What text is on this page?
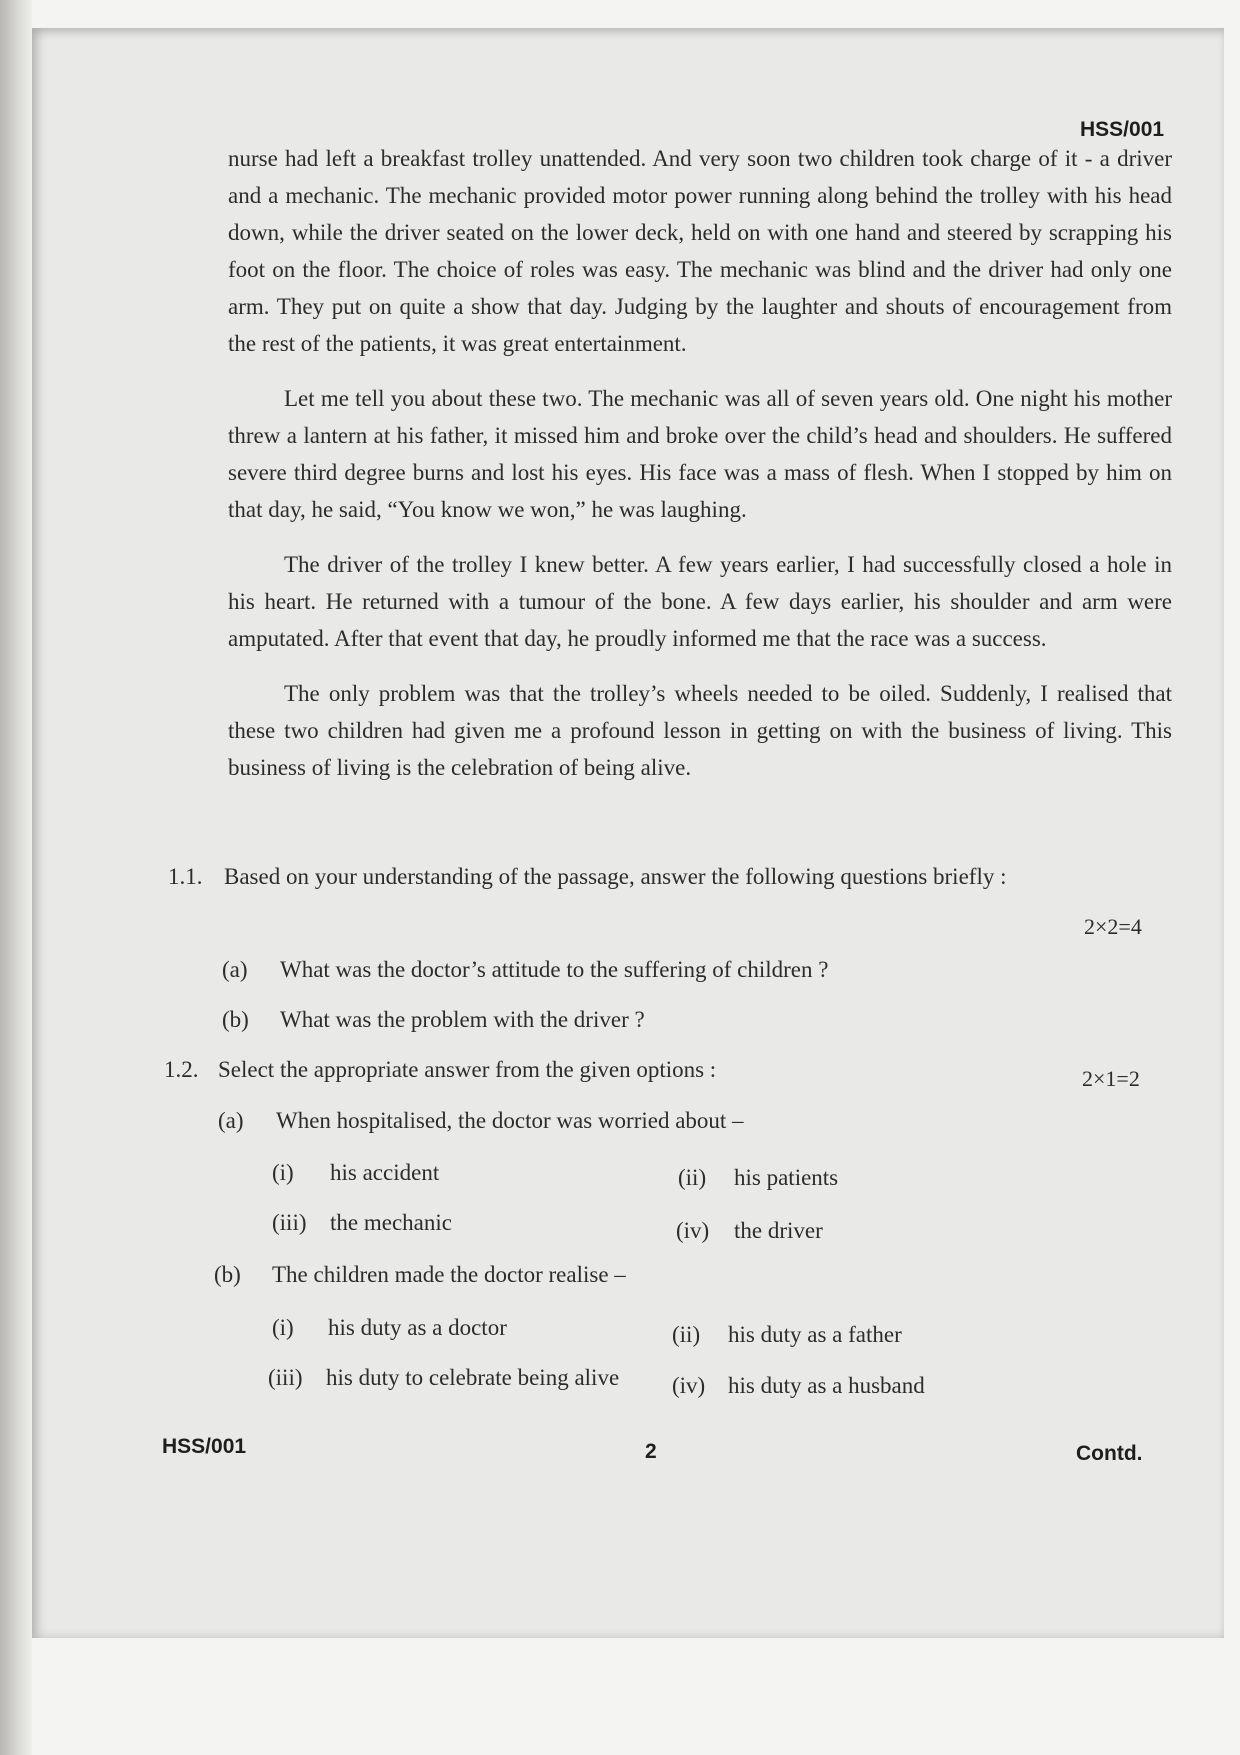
HSS/001

nurse had left a breakfast trolley unattended. And very soon two children took charge of it - a driver and a mechanic. The mechanic provided motor power running along behind the trolley with his head down, while the driver seated on the lower deck, held on with one hand and steered by scrapping his foot on the floor. The choice of roles was easy. The mechanic was blind and the driver had only one arm. They put on quite a show that day. Judging by the laughter and shouts of encouragement from the rest of the patients, it was great entertainment.

Let me tell you about these two. The mechanic was all of seven years old. One night his mother threw a lantern at his father, it missed him and broke over the child’s head and shoulders. He suffered severe third degree burns and lost his eyes. His face was a mass of flesh. When I stopped by him on that day, he said, “You know we won,” he was laughing.

The driver of the trolley I knew better. A few years earlier, I had successfully closed a hole in his heart. He returned with a tumour of the bone. A few days earlier, his shoulder and arm were amputated. After that event that day, he proudly informed me that the race was a success.

The only problem was that the trolley’s wheels needed to be oiled. Suddenly, I realised that these two children had given me a profound lesson in getting on with the business of living. This business of living is the celebration of being alive.

1.1. Based on your understanding of the passage, answer the following questions briefly :
2×2=4
(a) What was the doctor’s attitude to the suffering of children ?
(b) What was the problem with the driver ?
1.2. Select the appropriate answer from the given options :	2×1=2
(a) When hospitalised, the doctor was worried about –
(i) his accident	(ii) his patients
(iii) the mechanic	(iv) the driver
(b) The children made the doctor realise –
(i) his duty as a doctor	(ii) his duty as a father
(iii) his duty to celebrate being alive (iv) his duty as a husband
HSS/001	2	Contd.
